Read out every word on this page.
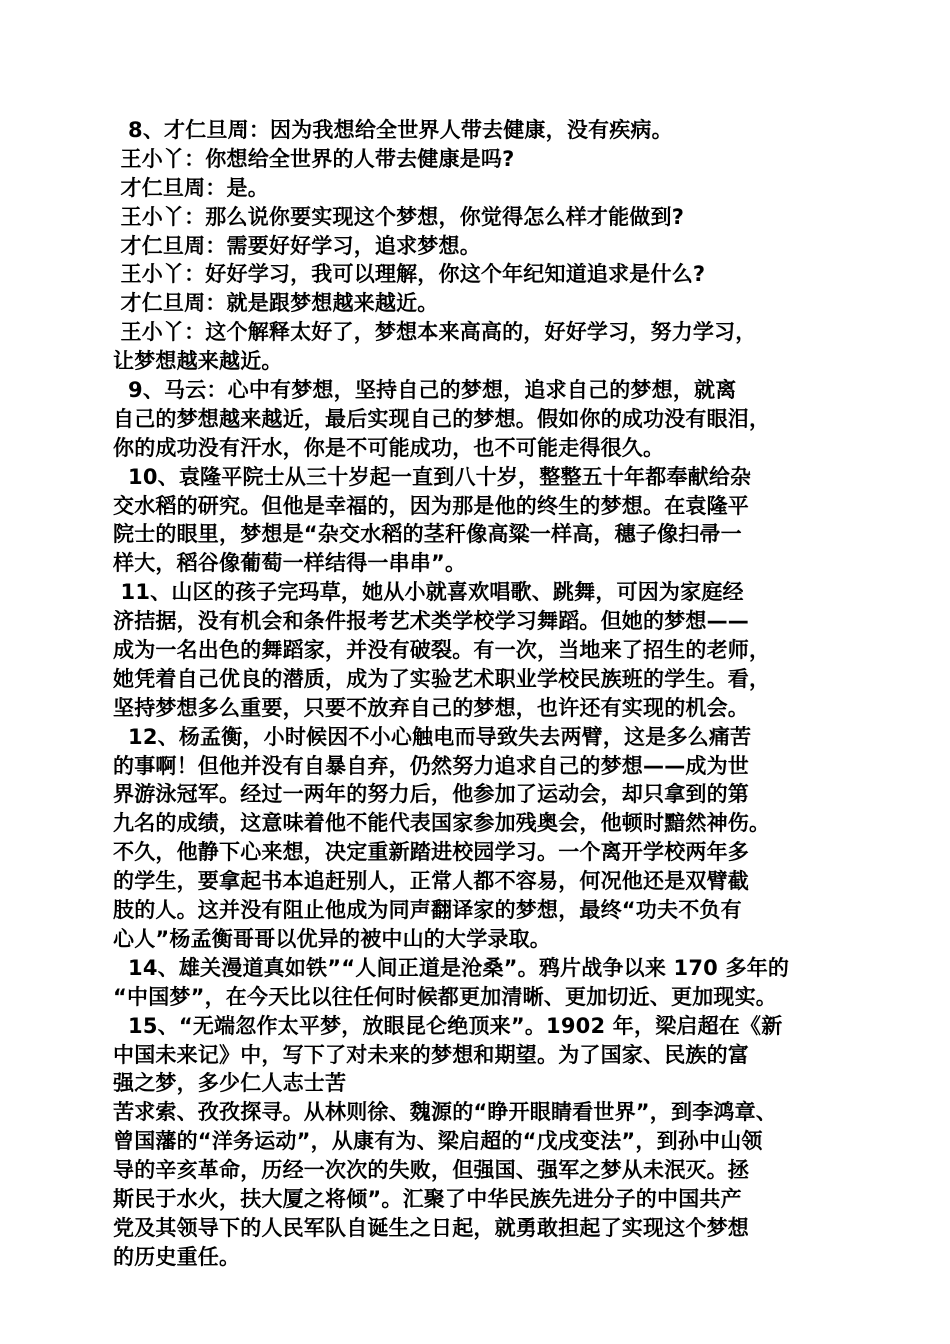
8、才仁旦周：因为我想给全世界人带去健康，没有疾病。
王小丫：你想给全世界的人带去健康是吗?
才仁旦周：是。
王小丫：那么说你要实现这个梦想，你觉得怎么样才能做到?
才仁旦周：需要好好学习，追求梦想。
王小丫：好好学习，我可以理解，你这个年纪知道追求是什么?
才仁旦周：就是跟梦想越来越近。
王小丫：这个解释太好了，梦想本来高高的，好好学习，努力学习，
让梦想越来越近。
9、马云：心中有梦想，坚持自己的梦想，追求自己的梦想，就离
自己的梦想越来越近，最后实现自己的梦想。假如你的成功没有眼泪，
你的成功没有汗水，你是不可能成功，也不可能走得很久。
10、袁隆平院士从三十岁起一直到八十岁，整整五十年都奉献给杂
交水稻的研究。但他是幸福的，因为那是他的终生的梦想。在袁隆平
院士的眼里，梦想是“杂交水稻的茎秆像高粱一样高，穗子像扫帚一
样大，稻谷像葡萄一样结得一串串”。
11、山区的孩子完玛草，她从小就喜欢唱歌、跳舞，可因为家庭经
济拮据，没有机会和条件报考艺术类学校学习舞蹈。但她的梦想——
成为一名出色的舞蹈家，并没有破裂。有一次，当地来了招生的老师，
她凭着自己优良的潜质，成为了实验艺术职业学校民族班的学生。看，
坚持梦想多么重要，只要不放弃自己的梦想，也许还有实现的机会。
12、杨孟衡，小时候因不小心触电而导致失去两臂，这是多么痛苦
的事啊！但他并没有自暴自弃，仍然努力追求自己的梦想——成为世
界游泳冠军。经过一两年的努力后，他参加了运动会，却只拿到的第
九名的成绩，这意味着他不能代表国家参加残奥会，他顿时黯然神伤。
不久，他静下心来想，决定重新踏进校园学习。一个离开学校两年多
的学生，要拿起书本追赶别人，正常人都不容易，何况他还是双臂截
肢的人。这并没有阻止他成为同声翻译家的梦想，最终“功夫不负有
心人”杨孟衡哥哥以优异的被中山的大学录取。
14、雄关漫道真如铁”“人间正道是沧桑”。鸦片战争以来 170 多年的
“中国梦”，在今天比以往任何时候都更加清晰、更加切近、更加现实。
15、“无端忽作太平梦，放眼昆仑绝顶来”。1902 年，梁启超在《新
中国未来记》中，写下了对未来的梦想和期望。为了国家、民族的富
强之梦，多少仁人志士苦
苦求索、孜孜探寻。从林则徐、魏源的“睁开眼睛看世界”，到李鸿章、
曾国藩的“洋务运动”，从康有为、梁启超的“戊戌变法”，到孙中山领
导的辛亥革命，历经一次次的失败，但强国、强军之梦从未泯灭。拯
斯民于水火，扶大厦之将倾”。汇聚了中华民族先进分子的中国共产
党及其领导下的人民军队自诞生之日起，就勇敢担起了实现这个梦想
的历史重任。
